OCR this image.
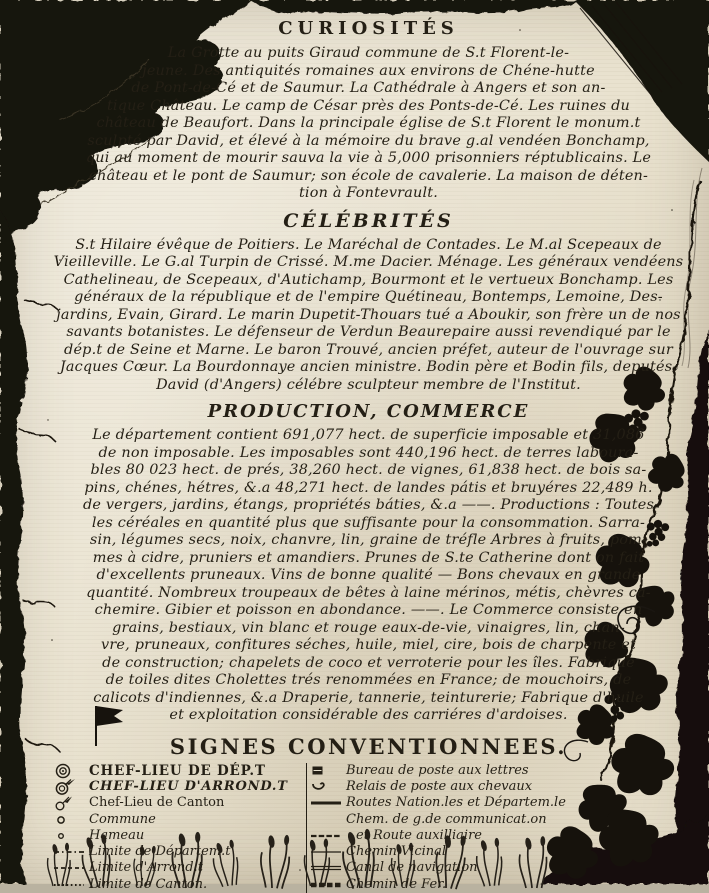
CURIOSITÉS
La Grotte au puits Giraud commune de S.t Florent-le-
jeune. Des antiquités romaines aux environs de Chéne-hutte
de Pont-de-Cé et de Saumur. La Cathédrale à Angers et son an-
tique Château. Le camp de César près des Ponts-de-Cé. Les ruines du
château de Beaufort. Dans la principale église de S.t Florent le monum.t
sculpté par David, et élevé à la mémoire du brave g.al vendéen Bonchamp,
qui au moment de mourir sauva la vie à 5,000 prisonniers réptublicains. Le
château et le pont de Saumur; son école de cavalerie. La maison de déten-
tion à Fontevrault.
CÉLÉBRITÉS
S.t Hilaire évêque de Poitiers. Le Maréchal de Contades. Le M.al Scepeaux de
Vieilleville. Le G.al Turpin de Crissé. M.me Dacier. Ménage. Les généraux vendéens
Cathelineau, de Scepeaux, d'Autichamp, Bourmont et le vertueux Bonchamp. Les
généraux de la république et de l'empire Quétineau, Bontemps, Lemoine, Des-
jardins, Evain, Girard. Le marin Dupetit-Thouars tué a Aboukir, son frère un de nos
savants botanistes. Le défenseur de Verdun Beaurepaire aussi revendiqué par le
dép.t de Seine et Marne. Le baron Trouvé, ancien préfet, auteur de l'ouvrage sur
Jacques Cœur. La Bourdonnaye ancien ministre. Bodin père et Bodin fils, deputés.
David (d'Angers) célébre sculpteur membre de l'Institut.
PRODUCTION, COMMERCE
Le département contient 691,077 hect. de superficie imposable et 31,086
de non imposable. Les imposables sont 440,196 hect. de terres laboura-
bles 80 023 hect. de prés, 38,260 hect. de vignes, 61,838 hect. de bois sa-
pins, chénes, hétres, &.a 48,271 hect. de landes pátis et bruyéres 22,489 h.
de vergers, jardins, étangs, propriétés báties, &.a ——. Productions : Toutes
les céréales en quantité plus que suffisante pour la consommation. Sarra-
sin, légumes secs, noix, chanvre, lin, graine de tréfle Arbres à fruits, pom-
mes à cidre, pruniers et amandiers. Prunes de S.te Catherine dont on fait
d'excellents pruneaux. Vins de bonne qualité — Bons chevaux en grande
quantité. Nombreux troupeaux de bêtes à laine mérinos, métis, chèvres ca-
chemire. Gibier et poisson en abondance. ——. Le Commerce consiste en
grains, bestiaux, vin blanc et rouge eaux-de-vie, vinaigres, lin, chan-
vre, pruneaux, confitures séches, huile, miel, cire, bois de charpente et
de construction; chapelets de coco et verroterie pour les îles. Fabrique
de toiles dites Cholettes trés renommées en France; de mouchoirs, de
calicots d'indiennes, &.a Draperie, tannerie, teinturerie; Fabrique d'huile
et exploitation considérable des carriéres d'ardoises.
SIGNES CONVENTIONNEES.
CHEF-LIEU DE DÉP.T
CHEF-LIEU D'ARROND.T
Chef-Lieu de Canton
Commune
Hameau
Limite de Départem.t
Limite d'Arrond.t
Limite de Canton.
Bureau de poste aux lettres
Relais de poste aux chevaux
Routes Nation.les et Départem.le
Chem. de g.de communicat.on
et Route auxilliaire
Chemin Vicinal
Canal de navigation
Chemin de Fer.
